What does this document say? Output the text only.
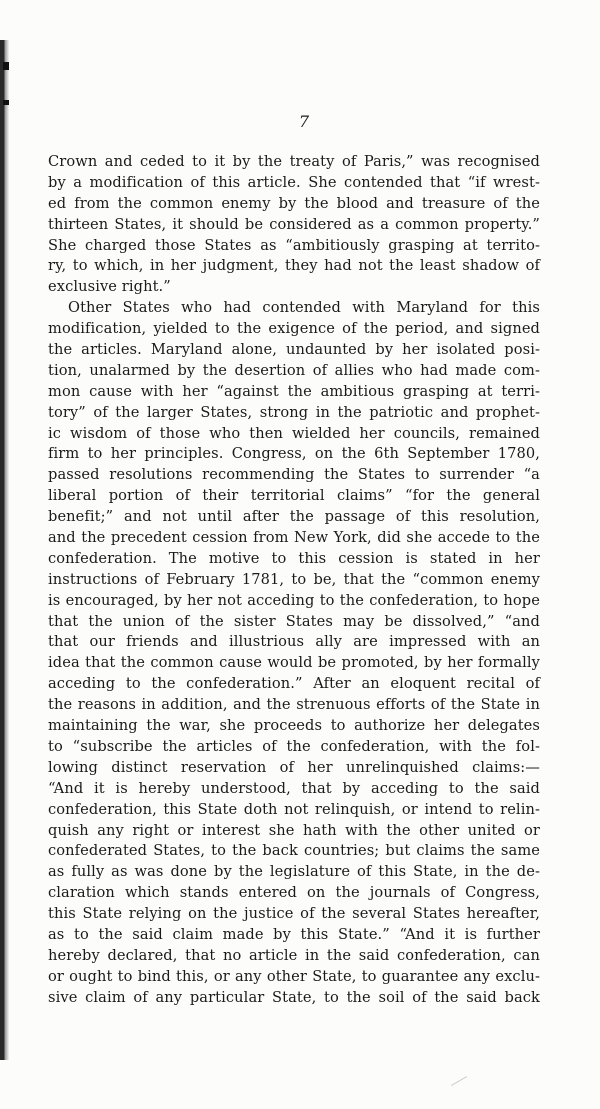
7
Crown and ceded to it by the treaty of Paris,” was recognised
by a modification of this article. She contended that “if wrest-
ed from the common enemy by the blood and treasure of the
thirteen States, it should be considered as a common property.”
She charged those States as “ambitiously grasping at territo-
ry, to which, in her judgment, they had not the least shadow of
exclusive right.”
Other States who had contended with Maryland for this
modification, yielded to the exigence of the period, and signed
the articles. Maryland alone, undaunted by her isolated posi-
tion, unalarmed by the desertion of allies who had made com-
mon cause with her “against the ambitious grasping at terri-
tory” of the larger States, strong in the patriotic and prophet-
ic wisdom of those who then wielded her councils, remained
firm to her principles. Congress, on the 6th September 1780,
passed resolutions recommending the States to surrender “a
liberal portion of their territorial claims” “for the general
benefit;” and not until after the passage of this resolution,
and the precedent cession from New York, did she accede to the
confederation. The motive to this cession is stated in her
instructions of February 1781, to be, that the “common enemy
is encouraged, by her not acceding to the confederation, to hope
that the union of the sister States may be dissolved,” “and
that our friends and illustrious ally are impressed with an
idea that the common cause would be promoted, by her formally
acceding to the confederation.” After an eloquent recital of
the reasons in addition, and the strenuous efforts of the State in
maintaining the war, she proceeds to authorize her delegates
to “subscribe the articles of the confederation, with the fol-
lowing distinct reservation of her unrelinquished claims:—
“And it is hereby understood, that by acceding to the said
confederation, this State doth not relinquish, or intend to relin-
quish any right or interest she hath with the other united or
confederated States, to the back countries; but claims the same
as fully as was done by the legislature of this State, in the de-
claration which stands entered on the journals of Congress,
this State relying on the justice of the several States hereafter,
as to the said claim made by this State.” “And it is further
hereby declared, that no article in the said confederation, can
or ought to bind this, or any other State, to guarantee any exclu-
sive claim of any particular State, to the soil of the said back
